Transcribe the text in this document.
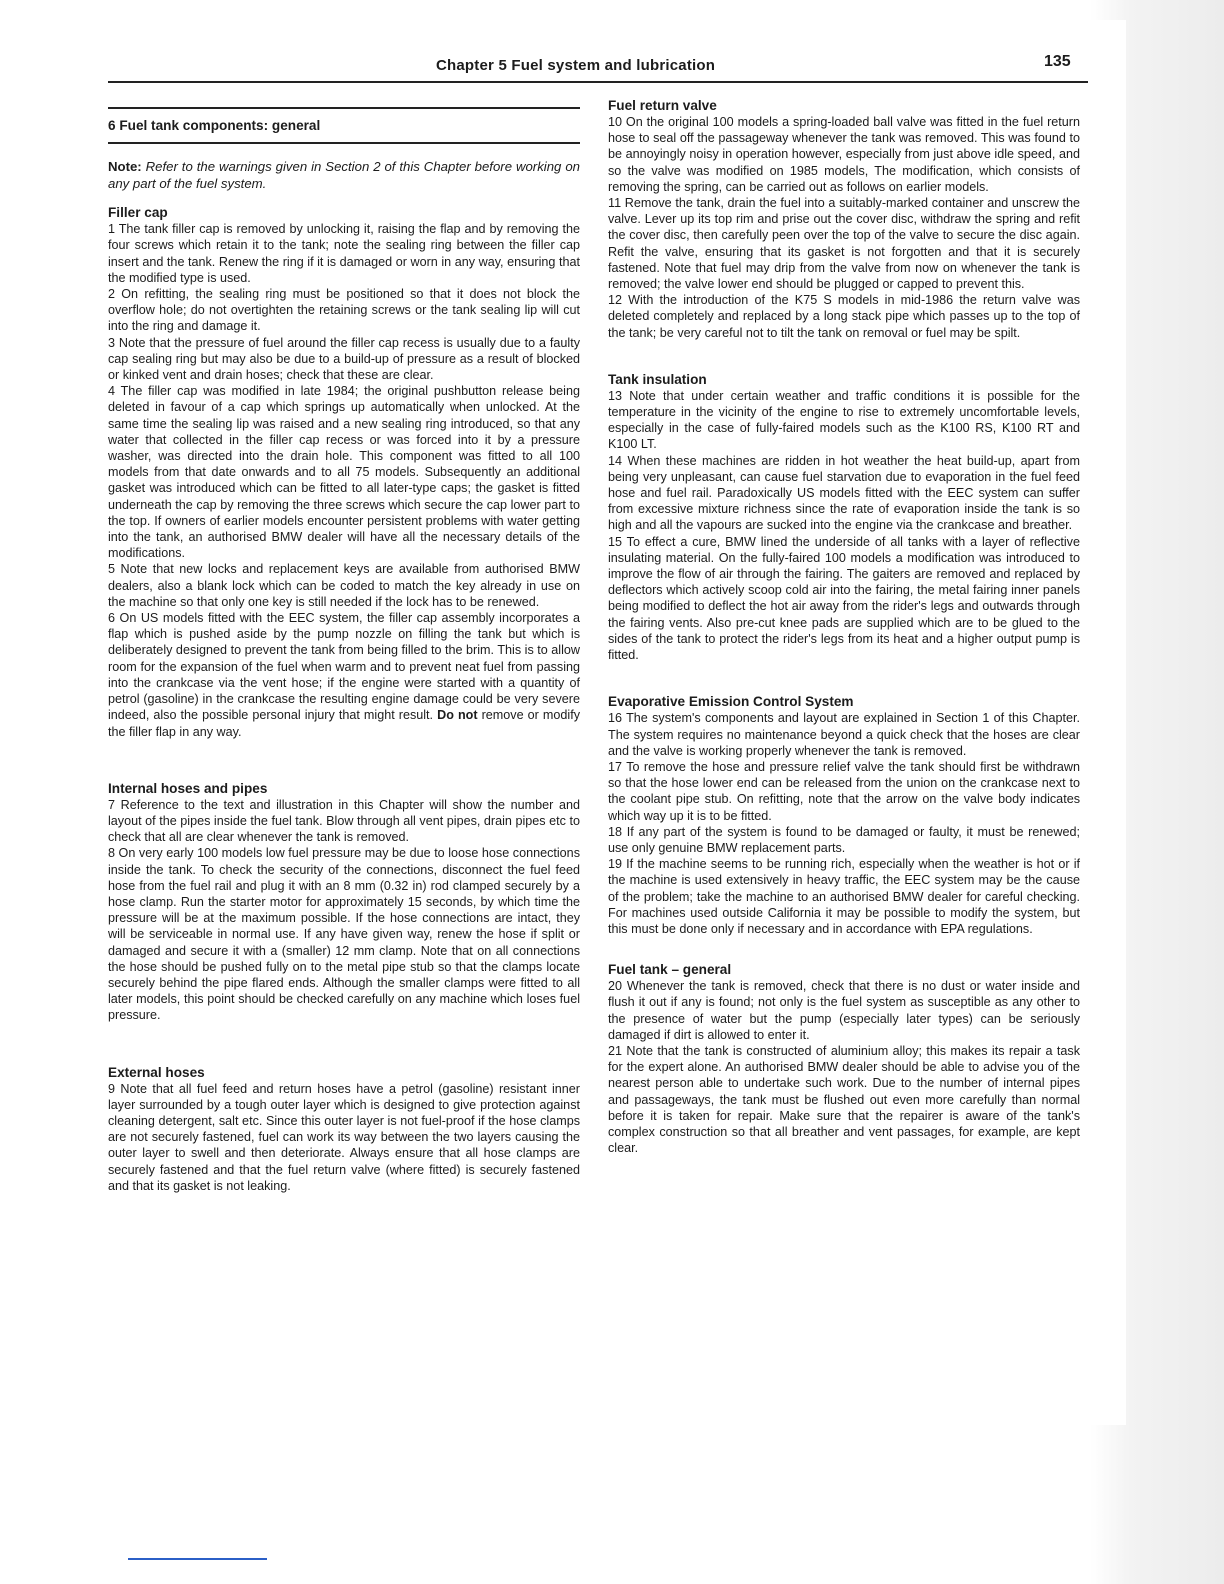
Chapter 5 Fuel system and lubrication	135
6 Fuel tank components: general

Note: Refer to the warnings given in Section 2 of this Chapter before working on any part of the fuel system.

Filler cap

1 The tank filler cap is removed by unlocking it, raising the flap and by removing the four screws which retain it to the tank; note the sealing ring between the filler cap insert and the tank. Renew the ring if it is damaged or worn in any way, ensuring that the modified type is used.

2 On refitting, the sealing ring must be positioned so that it does not block the overflow hole; do not overtighten the retaining screws or the tank sealing lip will cut into the ring and damage it.

3 Note that the pressure of fuel around the filler cap recess is usually due to a faulty cap sealing ring but may also be due to a build-up of pressure as a result of blocked or kinked vent and drain hoses; check that these are clear.

4 The filler cap was modified in late 1984; the original pushbutton release being deleted in favour of a cap which springs up automatically when unlocked. At the same time the sealing lip was raised and a new sealing ring introduced, so that any water that collected in the filler cap recess or was forced into it by a pressure washer, was directed into the drain hole. This component was fitted to all 100 models from that date onwards and to all 75 models. Subsequently an additional gasket was introduced which can be fitted to all later-type caps; the gasket is fitted underneath the cap by removing the three screws which secure the cap lower part to the top. If owners of earlier models encounter persistent problems with water getting into the tank, an authorised BMW dealer will have all the necessary details of the modifications.

5 Note that new locks and replacement keys are available from authorised BMW dealers, also a blank lock which can be coded to match the key already in use on the machine so that only one key is still needed if the lock has to be renewed.

6 On US models fitted with the EEC system, the filler cap assembly incorporates a flap which is pushed aside by the pump nozzle on filling the tank but which is deliberately designed to prevent the tank from being filled to the brim. This is to allow room for the expansion of the fuel when warm and to prevent neat fuel from passing into the crankcase via the vent hose; if the engine were started with a quantity of petrol (gasoline) in the crankcase the resulting engine damage could be very severe indeed, also the possible personal injury that might result. Do not remove or modify the filler flap in any way.

Internal hoses and pipes

7 Reference to the text and illustration in this Chapter will show the number and layout of the pipes inside the fuel tank. Blow through all vent pipes, drain pipes etc to check that all are clear whenever the tank is removed.

8 On very early 100 models low fuel pressure may be due to loose hose connections inside the tank. To check the security of the connections, disconnect the fuel feed hose from the fuel rail and plug it with an 8 mm (0.32 in) rod clamped securely by a hose clamp. Run the starter motor for approximately 15 seconds, by which time the pressure will be at the maximum possible. If the hose connections are intact, they will be serviceable in normal use. If any have given way, renew the hose if split or damaged and secure it with a (smaller) 12 mm clamp. Note that on all connections the hose should be pushed fully on to the metal pipe stub so that the clamps locate securely behind the pipe flared ends. Although the smaller clamps were fitted to all later models, this point should be checked carefully on any machine which loses fuel pressure.

External hoses

9 Note that all fuel feed and return hoses have a petrol (gasoline) resistant inner layer surrounded by a tough outer layer which is designed to give protection against cleaning detergent, salt etc. Since this outer layer is not fuel-proof if the hose clamps are not securely fastened, fuel can work its way between the two layers causing the outer layer to swell and then deteriorate. Always ensure that all hose clamps are securely fastened and that the fuel return valve (where fitted) is securely fastened and that its gasket is not leaking.

Fuel return valve

10 On the original 100 models a spring-loaded ball valve was fitted in the fuel return hose to seal off the passageway whenever the tank was removed. This was found to be annoyingly noisy in operation however, especially from just above idle speed, and so the valve was modified on 1985 models, The modification, which consists of removing the spring, can be carried out as follows on earlier models.

11 Remove the tank, drain the fuel into a suitably-marked container and unscrew the valve. Lever up its top rim and prise out the cover disc, withdraw the spring and refit the cover disc, then carefully peen over the top of the valve to secure the disc again. Refit the valve, ensuring that its gasket is not forgotten and that it is securely fastened. Note that fuel may drip from the valve from now on whenever the tank is removed; the valve lower end should be plugged or capped to prevent this.

12 With the introduction of the K75 S models in mid-1986 the return valve was deleted completely and replaced by a long stack pipe which passes up to the top of the tank; be very careful not to tilt the tank on removal or fuel may be spilt.

Tank insulation

13 Note that under certain weather and traffic conditions it is possible for the temperature in the vicinity of the engine to rise to extremely uncomfortable levels, especially in the case of fully-faired models such as the K100 RS, K100 RT and K100 LT.

14 When these machines are ridden in hot weather the heat build-up, apart from being very unpleasant, can cause fuel starvation due to evaporation in the fuel feed hose and fuel rail. Paradoxically US models fitted with the EEC system can suffer from excessive mixture richness since the rate of evaporation inside the tank is so high and all the vapours are sucked into the engine via the crankcase and breather.

15 To effect a cure, BMW lined the underside of all tanks with a layer of reflective insulating material. On the fully-faired 100 models a modification was introduced to improve the flow of air through the fairing. The gaiters are removed and replaced by deflectors which actively scoop cold air into the fairing, the metal fairing inner panels being modified to deflect the hot air away from the rider's legs and outwards through the fairing vents. Also pre-cut knee pads are supplied which are to be glued to the sides of the tank to protect the rider's legs from its heat and a higher output pump is fitted.

Evaporative Emission Control System

16 The system's components and layout are explained in Section 1 of this Chapter. The system requires no maintenance beyond a quick check that the hoses are clear and the valve is working properly whenever the tank is removed.

17 To remove the hose and pressure relief valve the tank should first be withdrawn so that the hose lower end can be released from the union on the crankcase next to the coolant pipe stub. On refitting, note that the arrow on the valve body indicates which way up it is to be fitted.

18 If any part of the system is found to be damaged or faulty, it must be renewed; use only genuine BMW replacement parts.

19 If the machine seems to be running rich, especially when the weather is hot or if the machine is used extensively in heavy traffic, the EEC system may be the cause of the problem; take the machine to an authorised BMW dealer for careful checking. For machines used outside California it may be possible to modify the system, but this must be done only if necessary and in accordance with EPA regulations.

Fuel tank – general

20 Whenever the tank is removed, check that there is no dust or water inside and flush it out if any is found; not only is the fuel system as susceptible as any other to the presence of water but the pump (especially later types) can be seriously damaged if dirt is allowed to enter it.

21 Note that the tank is constructed of aluminium alloy; this makes its repair a task for the expert alone. An authorised BMW dealer should be able to advise you of the nearest person able to undertake such work. Due to the number of internal pipes and passageways, the tank must be flushed out even more carefully than normal before it is taken for repair. Make sure that the repairer is aware of the tank's complex construction so that all breather and vent passages, for example, are kept clear.
